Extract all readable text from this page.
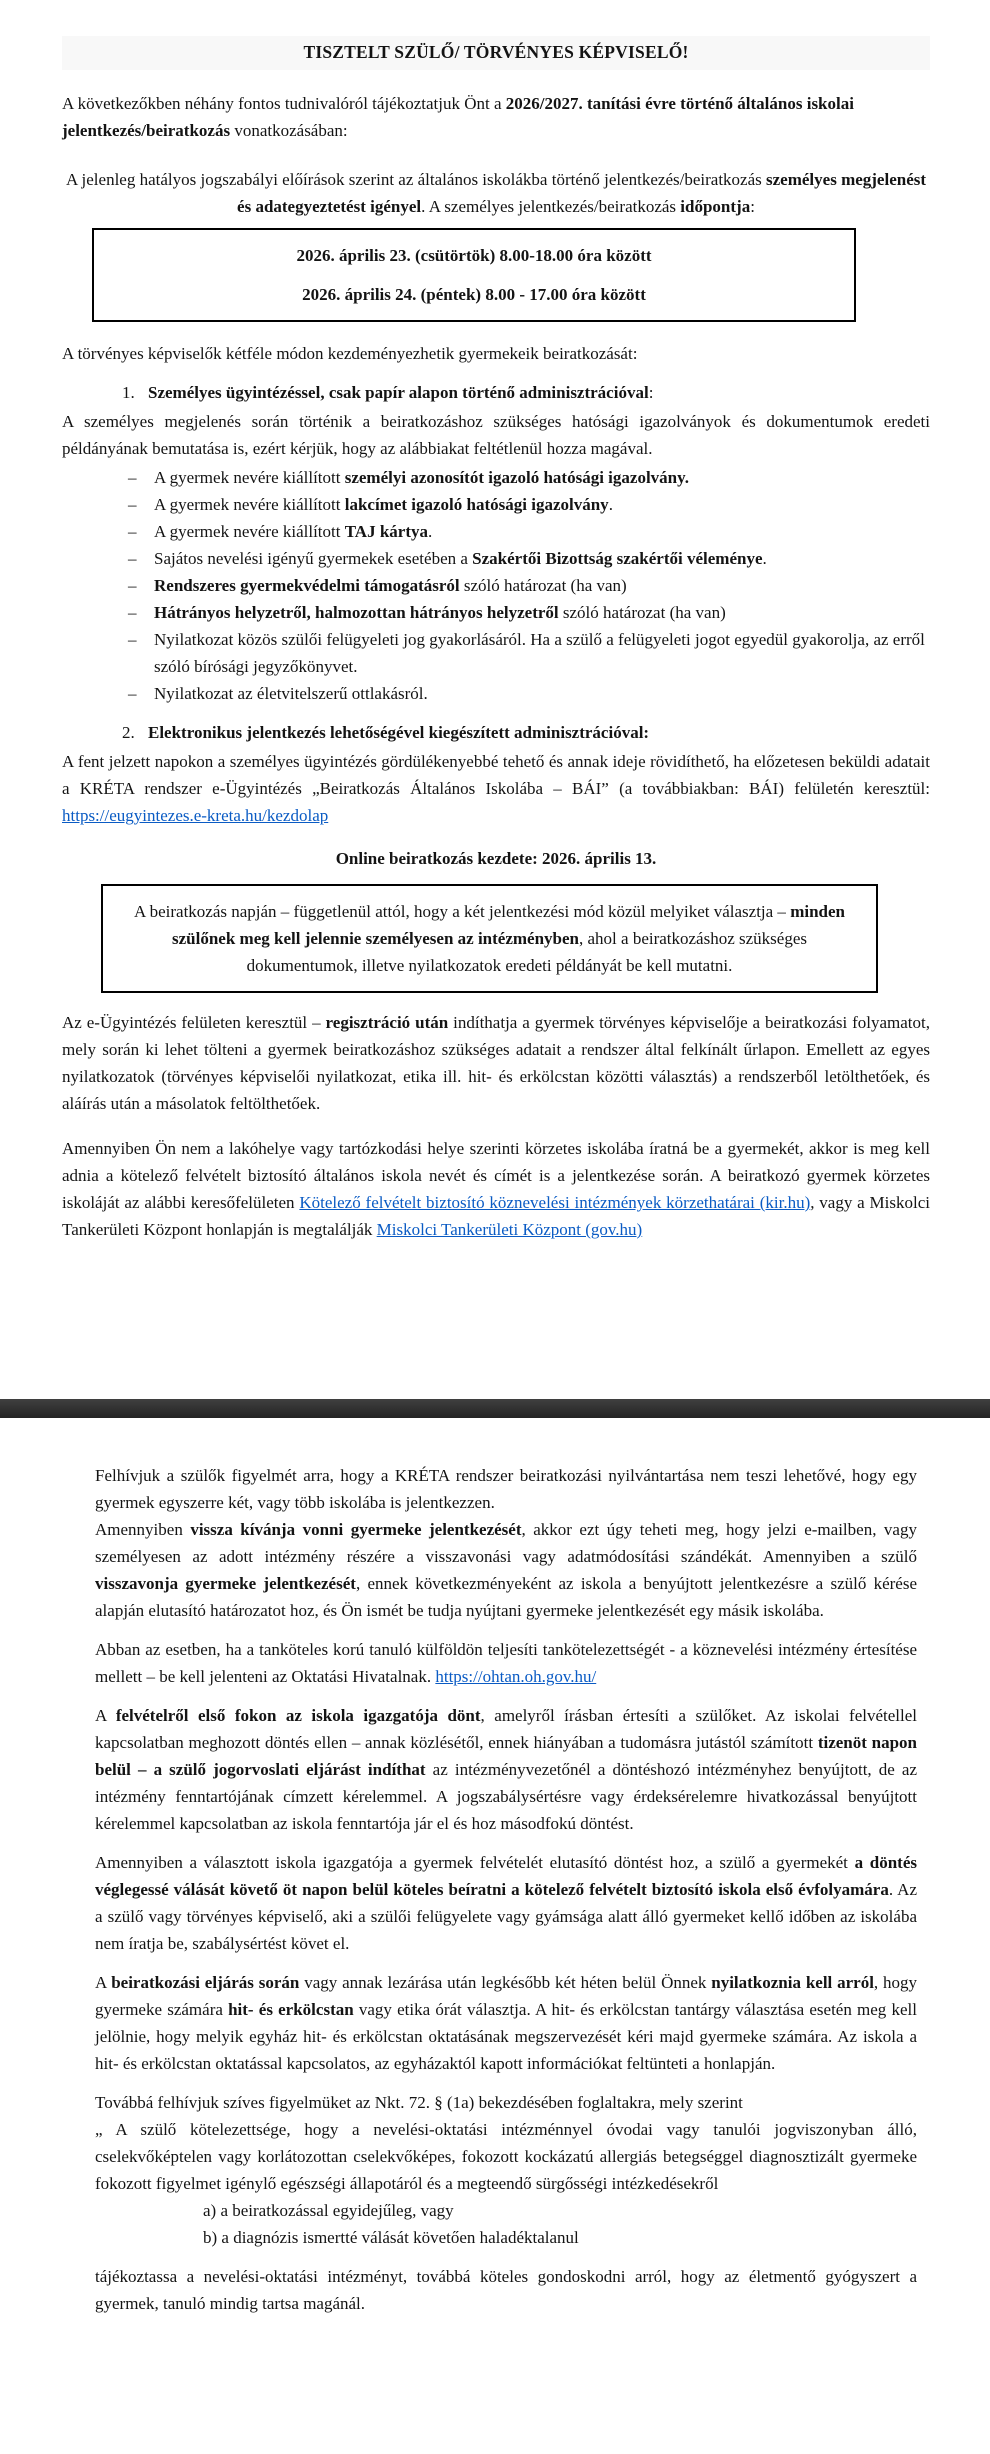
TISZTELT SZÜLŐ/ TÖRVÉNYES KÉPVISELŐ!
A következőkben néhány fontos tudnivalóról tájékoztatjuk Önt a 2026/2027. tanítási évre történő általános iskolai jelentkezés/beiratkozás vonatkozásában:
A jelenleg hatályos jogszabályi előírások szerint az általános iskolákba történő jelentkezés/beiratkozás személyes megjelenést és adategyeztetést igényel. A személyes jelentkezés/beiratkozás időpontja:
2026. április 23. (csütörtök) 8.00-18.00 óra között
2026. április 24. (péntek) 8.00 - 17.00 óra között
A törvényes képviselők kétféle módon kezdeményezhetik gyermekeik beiratkozását:
1. Személyes ügyintézéssel, csak papír alapon történő adminisztrációval:
A személyes megjelenés során történik a beiratkozáshoz szükséges hatósági igazolványok és dokumentumok eredeti példányának bemutatása is, ezért kérjük, hogy az alábbiakat feltétlenül hozza magával.
– A gyermek nevére kiállított személyi azonosítót igazoló hatósági igazolvány.
– A gyermek nevére kiállított lakcímet igazoló hatósági igazolvány.
– A gyermek nevére kiállított TAJ kártya.
– Sajátos nevelési igényű gyermekek esetében a Szakértői Bizottság szakértői véleménye.
– Rendszeres gyermekvédelmi támogatásról szóló határozat (ha van)
– Hátrányos helyzetről, halmozottan hátrányos helyzetről szóló határozat (ha van)
– Nyilatkozat közös szülői felügyeleti jog gyakorlásáról. Ha a szülő a felügyeleti jogot egyedül gyakorolja, az erről szóló bírósági jegyzőkönyvet.
– Nyilatkozat az életvitelszerű ottlakásról.
2. Elektronikus jelentkezés lehetőségével kiegészített adminisztrációval:
A fent jelzett napokon a személyes ügyintézés gördülékenyebbé tehető és annak ideje rövidíthető, ha előzetesen beküldi adatait a KRÉTA rendszer e-Ügyintézés „Beiratkozás Általános Iskolába – BÁI” (a továbbiakban: BÁI) felületén keresztül: https://eugyintezes.e-kreta.hu/kezdolap
Online beiratkozás kezdete: 2026. április 13.
A beiratkozás napján – függetlenül attól, hogy a két jelentkezési mód közül melyiket választja – minden szülőnek meg kell jelennie személyesen az intézményben, ahol a beiratkozáshoz szükséges dokumentumok, illetve nyilatkozatok eredeti példányát be kell mutatni.
Az e-Ügyintézés felületen keresztül – regisztráció után indíthatja a gyermek törvényes képviselője a beiratkozási folyamatot, mely során ki lehet tölteni a gyermek beiratkozáshoz szükséges adatait a rendszer által felkínált űrlapon. Emellett az egyes nyilatkozatok (törvényes képviselői nyilatkozat, etika ill. hit- és erkölcstan közötti választás) a rendszerből letölthetőek, és aláírás után a másolatok feltölthetőek.
Amennyiben Ön nem a lakóhelye vagy tartózkodási helye szerinti körzetes iskolába íratná be a gyermekét, akkor is meg kell adnia a kötelező felvételt biztosító általános iskola nevét és címét is a jelentkezése során. A beiratkozó gyermek körzetes iskoláját az alábbi keresőfelületen Kötelező felvételt biztosító köznevelési intézmények körzethatárai (kir.hu), vagy a Miskolci Tankerületi Központ honlapján is megtalálják Miskolci Tankerületi Központ (gov.hu)
Felhívjuk a szülők figyelmét arra, hogy a KRÉTA rendszer beiratkozási nyilvántartása nem teszi lehetővé, hogy egy gyermek egyszerre két, vagy több iskolába is jelentkezzen.
Amennyiben vissza kívánja vonni gyermeke jelentkezését, akkor ezt úgy teheti meg, hogy jelzi e-mailben, vagy személyesen az adott intézmény részére a visszavonási vagy adatmódosítási szándékát. Amennyiben a szülő visszavonja gyermeke jelentkezését, ennek következményeként az iskola a benyújtott jelentkezésre a szülő kérése alapján elutasító határozatot hoz, és Ön ismét be tudja nyújtani gyermeke jelentkezését egy másik iskolába.
Abban az esetben, ha a tanköteles korú tanuló külföldön teljesíti tankötelezettségét - a köznevelési intézmény értesítése mellett – be kell jelenteni az Oktatási Hivatalnak. https://ohtan.oh.gov.hu/
A felvételről első fokon az iskola igazgatója dönt, amelyről írásban értesíti a szülőket. Az iskolai felvétellel kapcsolatban meghozott döntés ellen – annak közlésétől, ennek hiányában a tudomásra jutástól számított tizenöt napon belül – a szülő jogorvoslati eljárást indíthat az intézményvezetőnél a döntéshozó intézményhez benyújtott, de az intézmény fenntartójának címzett kérelemmel. A jogszabálysértésre vagy érdeksérelemre hivatkozással benyújtott kérelemmel kapcsolatban az iskola fenntartója jár el és hoz másodfokú döntést.
Amennyiben a választott iskola igazgatója a gyermek felvételét elutasító döntést hoz, a szülő a gyermekét a döntés véglegessé válását követő öt napon belül köteles beíratni a kötelező felvételt biztosító iskola első évfolyamára. Az a szülő vagy törvényes képviselő, aki a szülői felügyelete vagy gyámsága alatt álló gyermeket kellő időben az iskolába nem íratja be, szabálysértést követ el.
A beiratkozási eljárás során vagy annak lezárása után legkésőbb két héten belül Önnek nyilatkoznia kell arról, hogy gyermeke számára hit- és erkölcstan vagy etika órát választja. A hit- és erkölcstan tantárgy választása esetén meg kell jelölnie, hogy melyik egyház hit- és erkölcstan oktatásának megszervezését kéri majd gyermeke számára. Az iskola a hit- és erkölcstan oktatással kapcsolatos, az egyházaktól kapott információkat feltünteti a honlapján.
Továbbá felhívjuk szíves figyelmüket az Nkt. 72. § (1a) bekezdésében foglaltakra, mely szerint
„ A szülő kötelezettsége, hogy a nevelési-oktatási intézménnyel óvodai vagy tanulói jogviszonyban álló, cselekvőképtelen vagy korlátozottan cselekvőképes, fokozott kockázatú allergiás betegséggel diagnosztizált gyermeke fokozott figyelmet igénylő egészségi állapotáról és a megteendő sürgősségi intézkedésekről
a) a beiratkozással egyidejűleg, vagy
b) a diagnózis ismertté válását követően haladéktalanul
tájékoztassa a nevelési-oktatási intézményt, továbbá köteles gondoskodni arról, hogy az életmentő gyógyszert a gyermek, tanuló mindig tartsa magánál.
